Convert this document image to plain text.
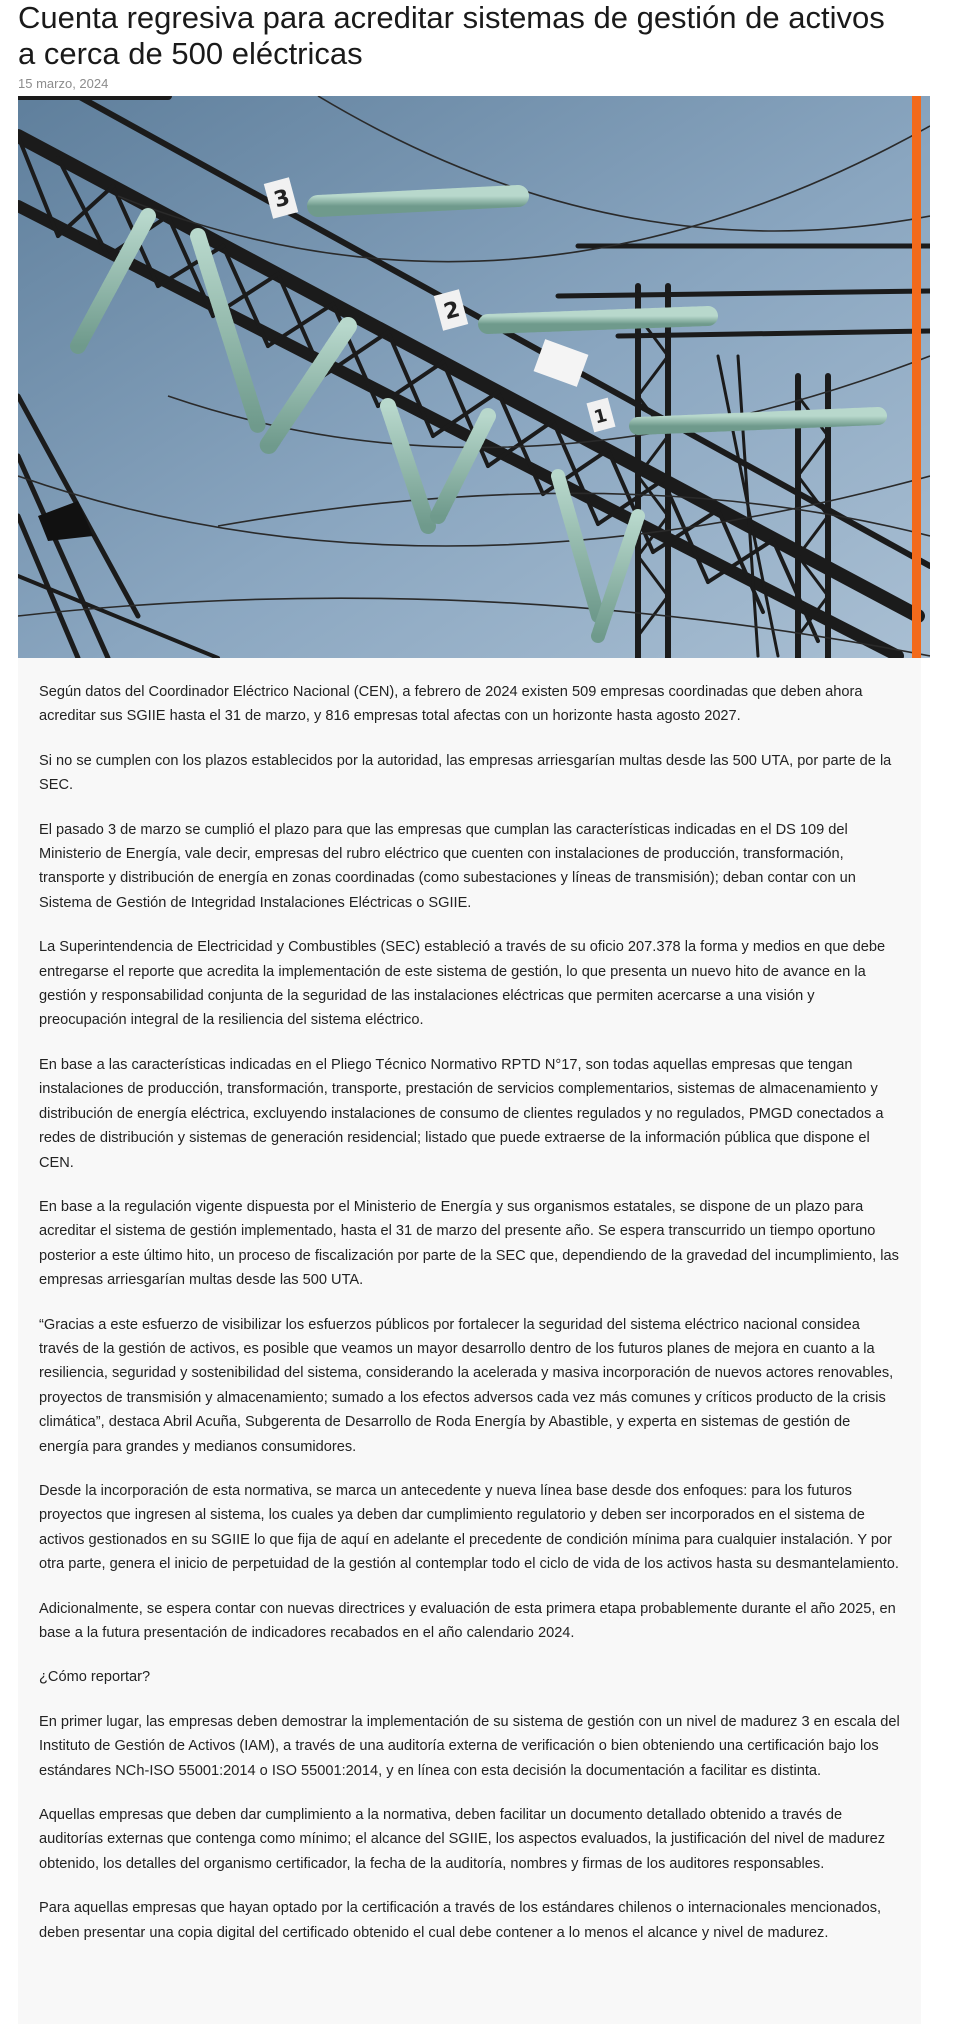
Cuenta regresiva para acreditar sistemas de gestión de activos a cerca de 500 eléctricas
15 marzo, 2024
3
2
1

Según datos del Coordinador Eléctrico Nacional (CEN), a febrero de 2024 existen 509 empresas coordinadas que deben ahora acreditar sus SGIIE hasta el 31 de marzo, y 816 empresas total afectas con un horizonte hasta agosto 2027.

Si no se cumplen con los plazos establecidos por la autoridad, las empresas arriesgarían multas desde las 500 UTA, por parte de la SEC.

El pasado 3 de marzo se cumplió el plazo para que las empresas que cumplan las características indicadas en el DS 109 del Ministerio de Energía, vale decir, empresas del rubro eléctrico que cuenten con instalaciones de producción, transformación, transporte y distribución de energía en zonas coordinadas (como subestaciones y líneas de transmisión); deban contar con un Sistema de Gestión de Integridad Instalaciones Eléctricas o SGIIE.

La Superintendencia de Electricidad y Combustibles (SEC) estableció a través de su oficio 207.378 la forma y medios en que debe entregarse el reporte que acredita la implementación de este sistema de gestión, lo que presenta un nuevo hito de avance en la gestión y responsabilidad conjunta de la seguridad de las instalaciones eléctricas que permiten acercarse a una visión y preocupación integral de la resiliencia del sistema eléctrico.

En base a las características indicadas en el Pliego Técnico Normativo RPTD N°17, son todas aquellas empresas que tengan instalaciones de producción, transformación, transporte, prestación de servicios complementarios, sistemas de almacenamiento y distribución de energía eléctrica, excluyendo instalaciones de consumo de clientes regulados y no regulados, PMGD conectados a redes de distribución y sistemas de generación residencial; listado que puede extraerse de la información pública que dispone el CEN.

En base a la regulación vigente dispuesta por el Ministerio de Energía y sus organismos estatales, se dispone de un plazo para acreditar el sistema de gestión implementado, hasta el 31 de marzo del presente año. Se espera transcurrido un tiempo oportuno posterior a este último hito, un proceso de fiscalización por parte de la SEC que, dependiendo de la gravedad del incumplimiento, las empresas arriesgarían multas desde las 500 UTA.

“Gracias a este esfuerzo de visibilizar los esfuerzos públicos por fortalecer la seguridad del sistema eléctrico nacional considea través de la gestión de activos, es posible que veamos un mayor desarrollo dentro de los futuros planes de mejora en cuanto a la resiliencia, seguridad y sostenibilidad del sistema, considerando la acelerada y masiva incorporación de nuevos actores renovables, proyectos de transmisión y almacenamiento; sumado a los efectos adversos cada vez más comunes y críticos producto de la crisis climática”, destaca Abril Acuña, Subgerenta de Desarrollo de Roda Energía by Abastible, y experta en sistemas de gestión de energía para grandes y medianos consumidores.

Desde la incorporación de esta normativa, se marca un antecedente y nueva línea base desde dos enfoques: para los futuros proyectos que ingresen al sistema, los cuales ya deben dar cumplimiento regulatorio y deben ser incorporados en el sistema de activos gestionados en su SGIIE lo que fija de aquí en adelante el precedente de condición mínima para cualquier instalación. Y por otra parte, genera el inicio de perpetuidad de la gestión al contemplar todo el ciclo de vida de los activos hasta su desmantelamiento.

Adicionalmente, se espera contar con nuevas directrices y evaluación de esta primera etapa probablemente durante el año 2025, en base a la futura presentación de indicadores recabados en el año calendario 2024.

¿Cómo reportar?

En primer lugar, las empresas deben demostrar la implementación de su sistema de gestión con un nivel de madurez 3 en escala del Instituto de Gestión de Activos (IAM), a través de una auditoría externa de verificación o bien obteniendo una certificación bajo los estándares NCh-ISO 55001:2014 o ISO 55001:2014, y en línea con esta decisión la documentación a facilitar es distinta.

Aquellas empresas que deben dar cumplimiento a la normativa, deben facilitar un documento detallado obtenido a través de auditorías externas que contenga como mínimo; el alcance del SGIIE, los aspectos evaluados, la justificación del nivel de madurez obtenido, los detalles del organismo certificador, la fecha de la auditoría, nombres y firmas de los auditores responsables.

Para aquellas empresas que hayan optado por la certificación a través de los estándares chilenos o internacionales mencionados, deben presentar una copia digital del certificado obtenido el cual debe contener a lo menos el alcance y nivel de madurez.
